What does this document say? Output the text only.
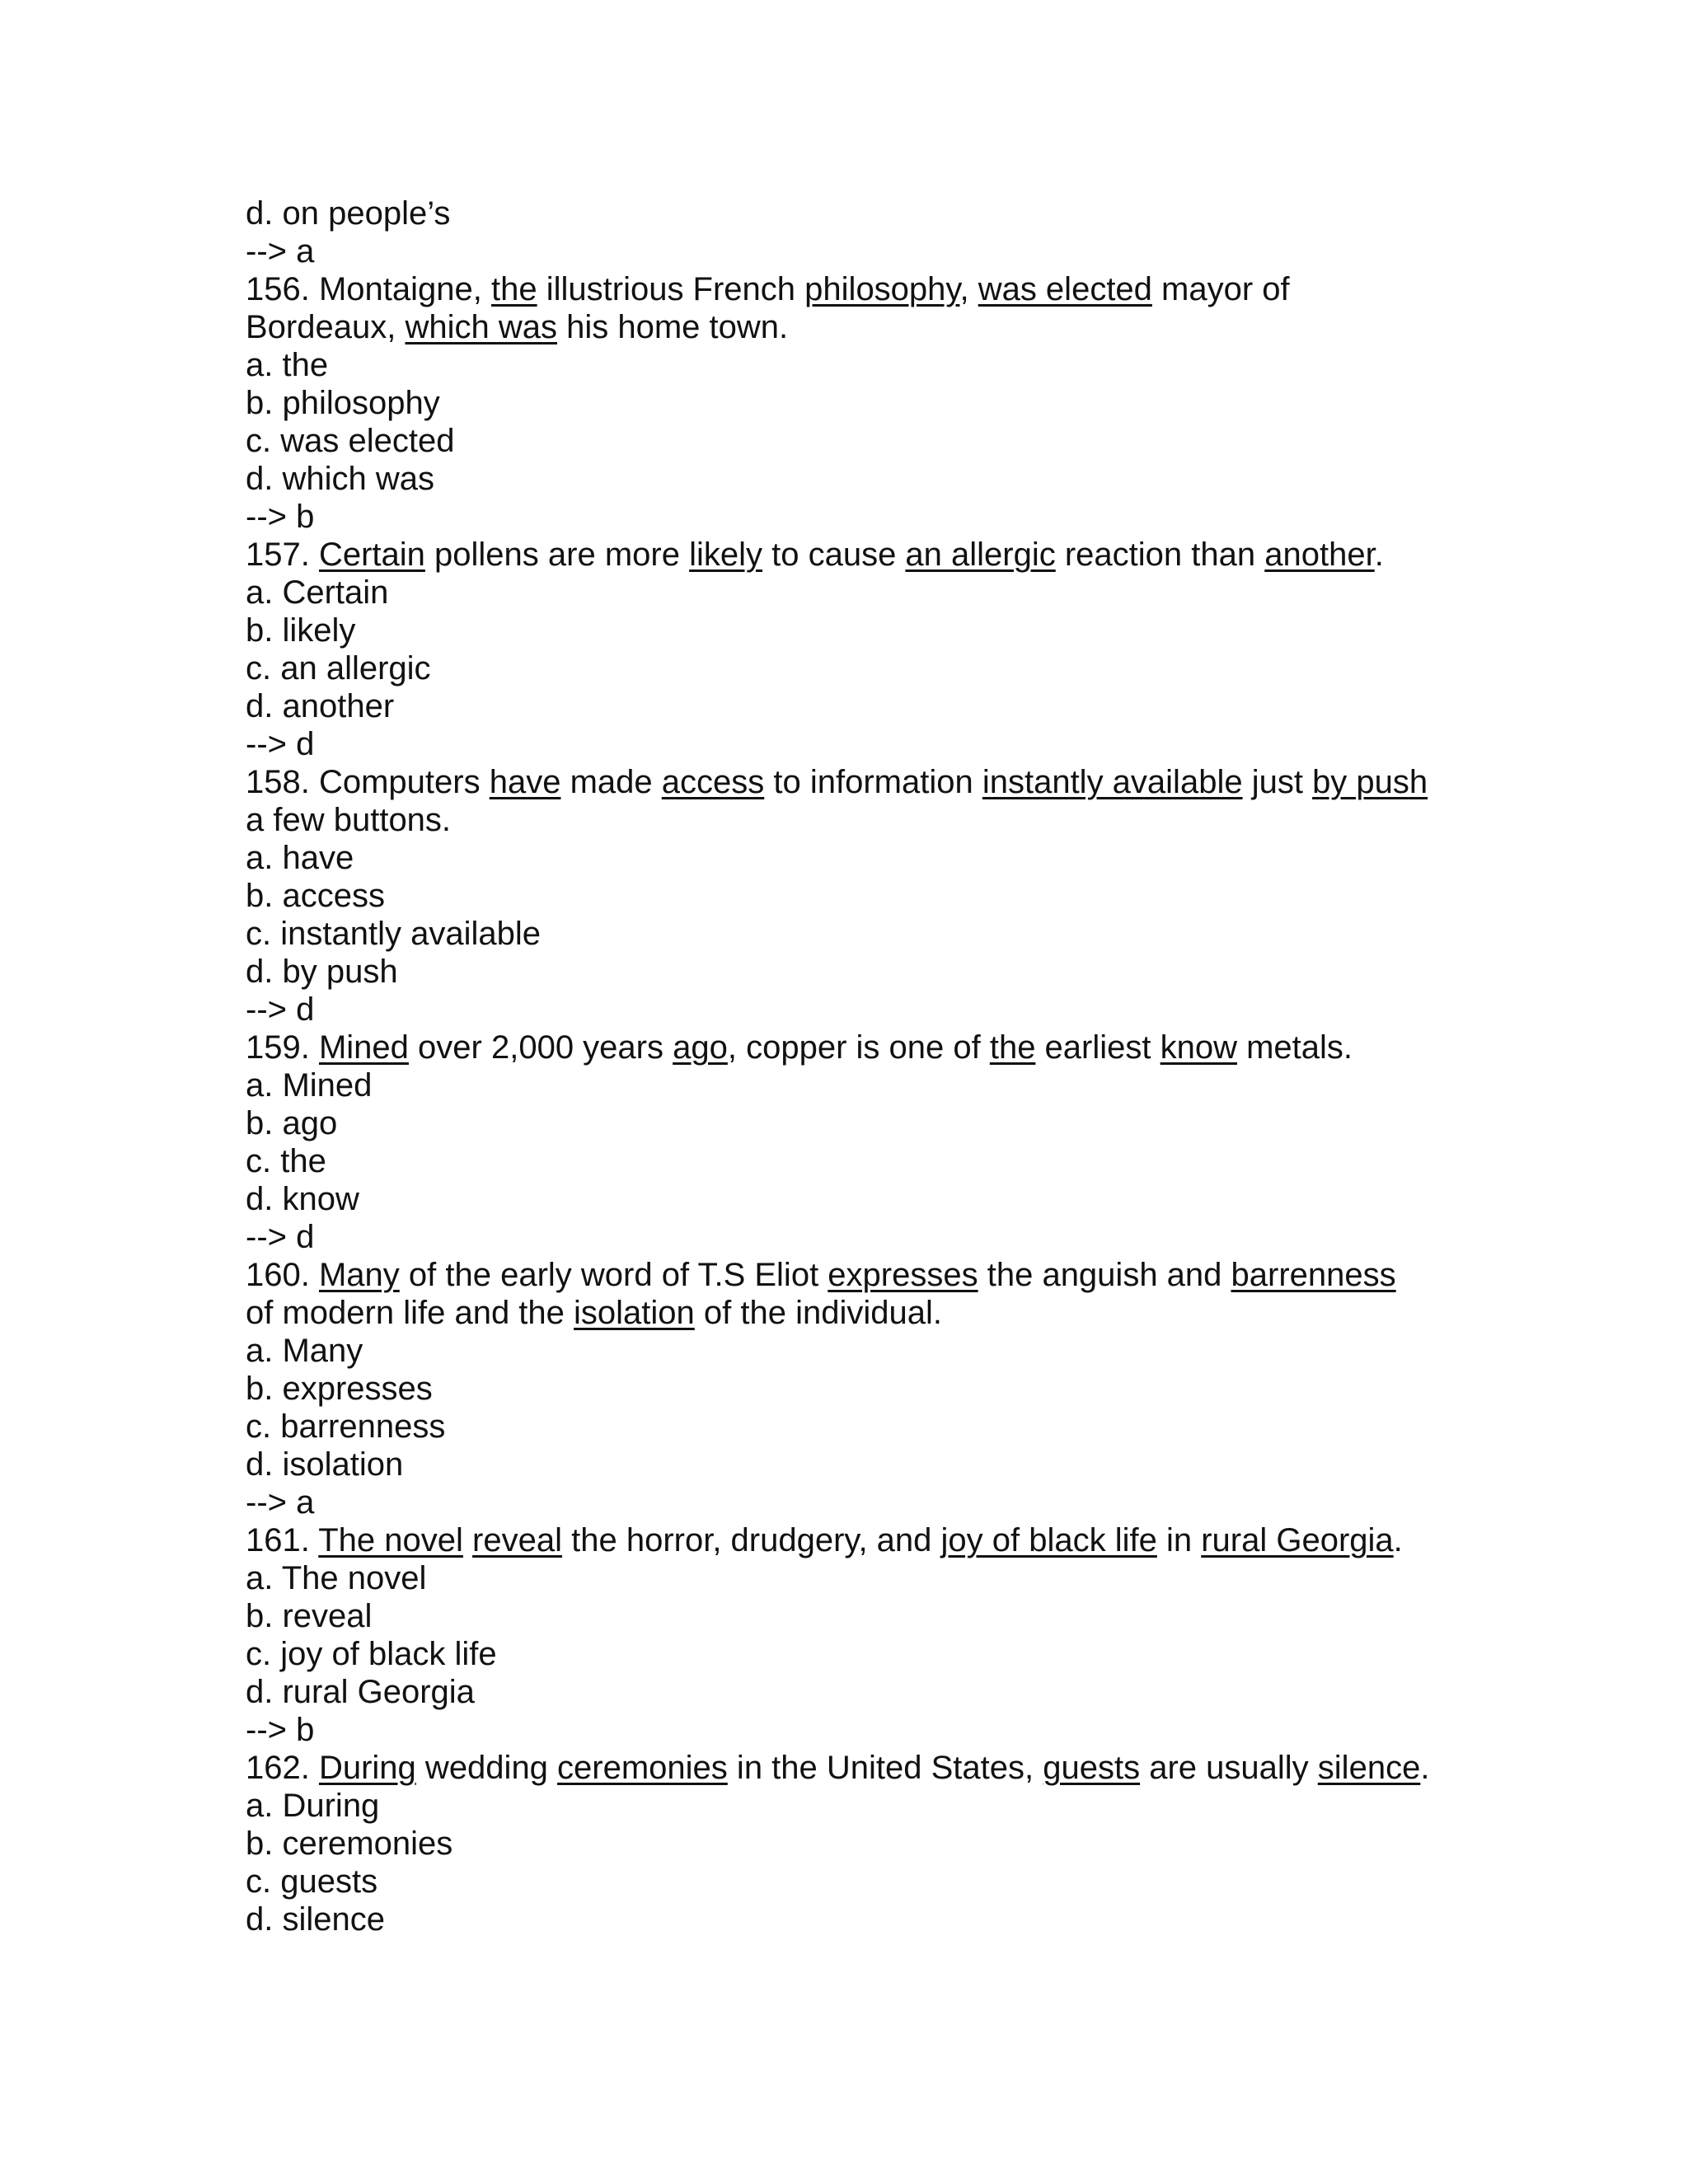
d. on people’s

--> a

156. Montaigne, the illustrious French philosophy, was elected mayor of

Bordeaux, which was his home town.

a. the

b. philosophy

c. was elected

d. which was

--> b

157. Certain pollens are more likely to cause an allergic reaction than another.

a. Certain

b. likely

c. an allergic

d. another

--> d

158. Computers have made access to information instantly available just by push

a few buttons.

a. have

b. access

c. instantly available

d. by push

--> d

159. Mined over 2,000 years ago, copper is one of the earliest know metals.

a. Mined

b. ago

c. the

d. know

--> d

160. Many of the early word of T.S Eliot expresses the anguish and barrenness

of modern life and the isolation of the individual.

a. Many

b. expresses

c. barrenness

d. isolation

--> a

161. The novel reveal the horror, drudgery, and joy of black life in rural Georgia.

a. The novel

b. reveal

c. joy of black life

d. rural Georgia

--> b

162. During wedding ceremonies in the United States, guests are usually silence.

a. During

b. ceremonies

c. guests

d. silence
